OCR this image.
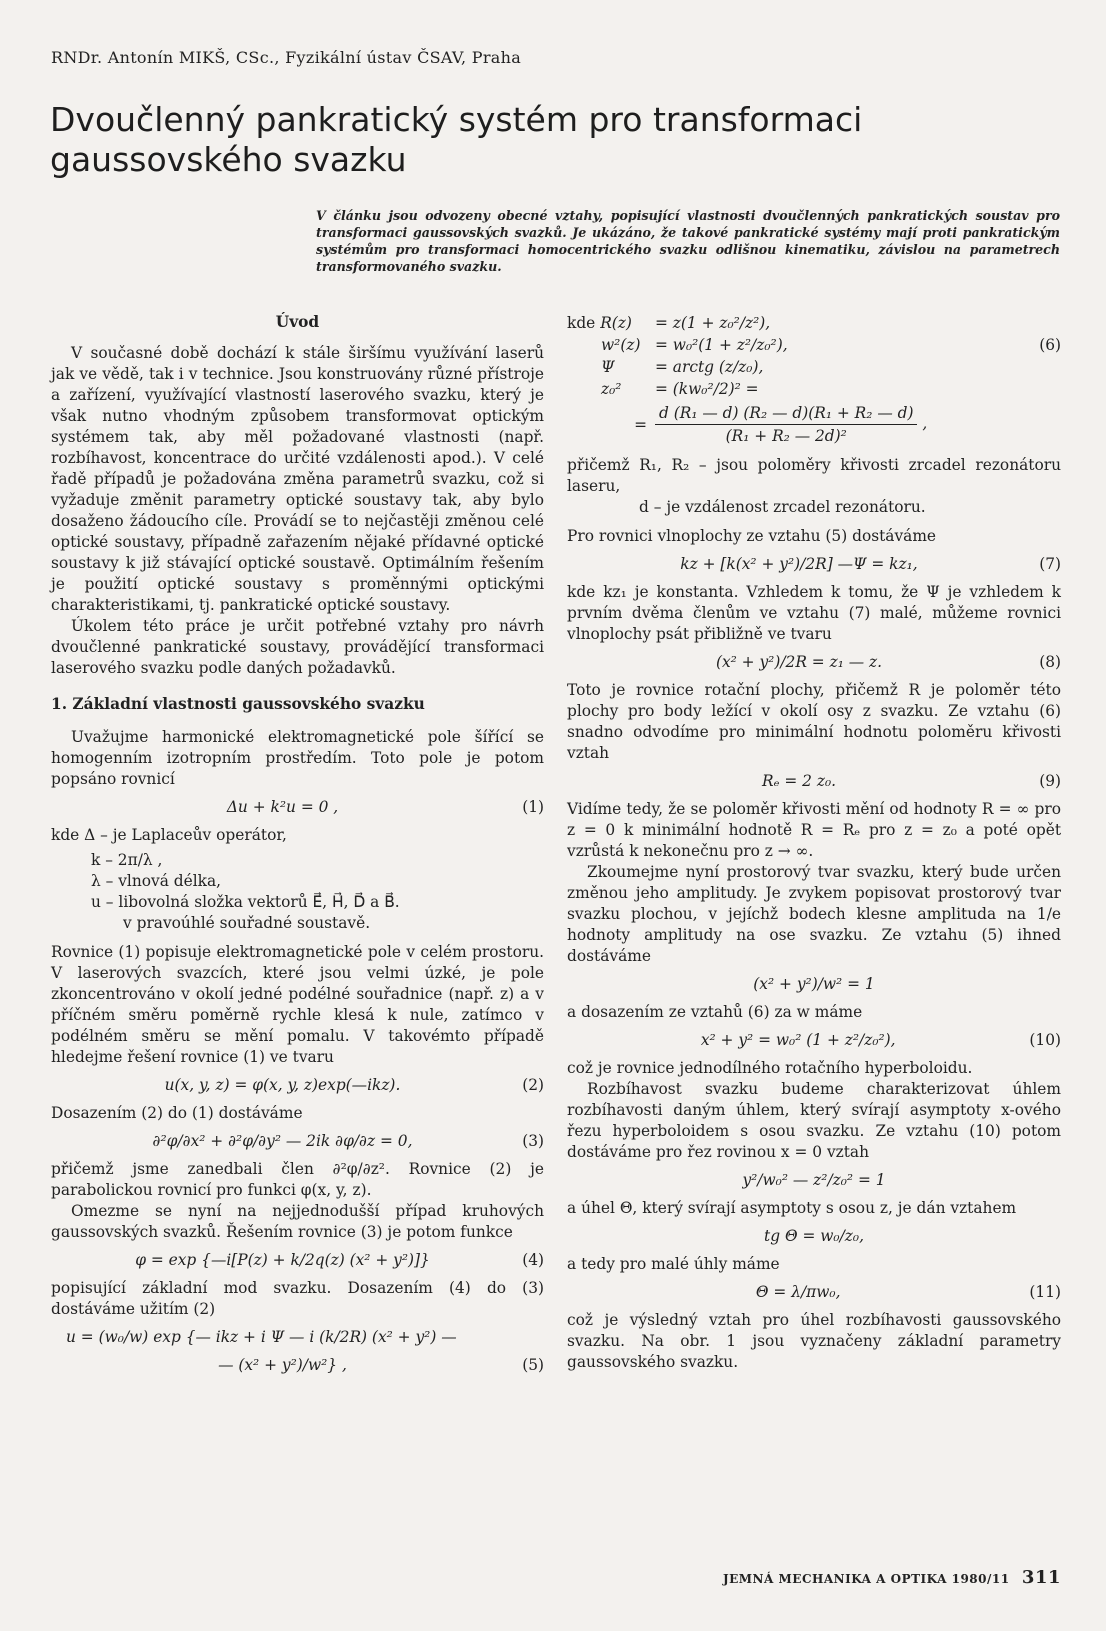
RNDr. Antonín MIKŠ, CSc., Fyzikální ústav ČSAV, Praha
Dvoučlenný pankratický systém pro transformaci gaussovského svazku

V článku jsou odvozeny obecné vztahy, popisující vlastnosti dvoučlenných pankratických soustav pro transformaci gaussovských svazků. Je ukázáno, že takové pankratické systémy mají proti pankratickým systémům pro transformaci homocentrického svazku odlišnou kinematiku, závislou na parametrech transformovaného svazku.

Úvod

V současné době dochází k stále širšímu využívání laserů jak ve vědě, tak i v technice. Jsou konstruovány různé přístroje a zařízení, využívající vlastností laserového svazku, který je však nutno vhodným způsobem transformovat optickým systémem tak, aby měl požadované vlastnosti (např. rozbíhavost, koncentrace do určité vzdálenosti apod.). V celé řadě případů je požadována změna parametrů svazku, což si vyžaduje změnit parametry optické soustavy tak, aby bylo dosaženo žádoucího cíle. Provádí se to nejčastěji změnou celé optické soustavy, případně zařazením nějaké přídavné optické soustavy k již stávající optické soustavě. Optimálním řešením je použití optické soustavy s proměnnými optickými charakteristikami, tj. pankratické optické soustavy.

Úkolem této práce je určit potřebné vztahy pro návrh dvoučlenné pankratické soustavy, provádějící transformaci laserového svazku podle daných požadavků.

1. Základní vlastnosti gaussovského svazku

Uvažujme harmonické elektromagnetické pole šířící se homogenním izotropním prostředím. Toto pole je potom popsáno rovnicí

Δu + k²u = 0 ,	(1)
kde Δ – je Laplaceův operátor,
k – 2π/λ ,
λ – vlnová délka,
u – libovolná složka vektorů E⃗, H⃗, D⃗ a B⃗.
v pravoúhlé souřadné soustavě.

Rovnice (1) popisuje elektromagnetické pole v celém prostoru. V laserových svazcích, které jsou velmi úzké, je pole zkoncentrováno v okolí jedné podélné souřadnice (např. z) a v příčném směru poměrně rychle klesá k nule, zatímco v podélném směru se mění pomalu. V takovémto případě hledejme řešení rovnice (1) ve tvaru

u(x, y, z) = φ(x, y, z)exp(—ikz).	(2)

Dosazením (2) do (1) dostáváme

∂²φ/∂x² + ∂²φ/∂y² — 2ik ∂φ/∂z = 0,	(3)

přičemž jsme zanedbali člen ∂²φ/∂z². Rovnice (2) je parabolickou rovnicí pro funkci φ(x, y, z).

Omezme se nyní na nejjednodušší případ kruhových gaussovských svazků. Řešením rovnice (3) je potom funkce

φ = exp {—i[P(z) + k/2q(z) (x² + y²)]}	(4)

popisující základní mod svazku. Dosazením (4) do (3) dostáváme užitím (2)

u = (w₀/w) exp {— ikz + i Ψ — i (k/2R) (x² + y²) —
— (x² + y²)/w²} ,	(5)
kde R(z)	= z(1 + z₀²/z²),
w²(z) = w₀²(1 + z²/z₀²),	(6)
Ψ	= arctg (z/z₀),
z₀²	= (kw₀²/2)² =
= $\frac{\text{d (R₁ — d) (R₂ — d)(R₁ + R₂ — d)}}{\text{(R₁ + R₂ — 2d)²}}$ ,

přičemž R₁, R₂ – jsou poloměry křivosti zrcadel rezonátoru laseru,

d – je vzdálenost zrcadel rezonátoru.

Pro rovnici vlnoplochy ze vztahu (5) dostáváme

kz + [k(x² + y²)/2R] —Ψ = kz₁,	(7)

kde kz₁ je konstanta. Vzhledem k tomu, že Ψ je vzhledem k prvním dvěma členům ve vztahu (7) malé, můžeme rovnici vlnoplochy psát přibližně ve tvaru

(x² + y²)/2R = z₁ — z.	(8)

Toto je rovnice rotační plochy, přičemž R je poloměr této plochy pro body ležící v okolí osy z svazku. Ze vztahu (6) snadno odvodíme pro minimální hodnotu poloměru křivosti vztah

Rₑ = 2 z₀.	(9)

Vidíme tedy, že se poloměr křivosti mění od hodnoty R = ∞ pro z = 0 k minimální hodnotě R = Rₑ pro z = z₀ a poté opět vzrůstá k nekonečnu pro z → ∞.

Zkoumejme nyní prostorový tvar svazku, který bude určen změnou jeho amplitudy. Je zvykem popisovat prostorový tvar svazku plochou, v jejíchž bodech klesne amplituda na 1/e hodnoty amplitudy na ose svazku. Ze vztahu (5) ihned dostáváme

(x² + y²)/w² = 1

a dosazením ze vztahů (6) za w máme

x² + y² = w₀² (1 + z²/z₀²),	(10)

což je rovnice jednodílného rotačního hyperboloidu.

Rozbíhavost svazku budeme charakterizovat úhlem rozbíhavosti daným úhlem, který svírají asymptoty x-ového řezu hyperboloidem s osou svazku. Ze vztahu (10) potom dostáváme pro řez rovinou x = 0 vztah

y²/w₀² — z²/z₀² = 1

a úhel Θ, který svírají asymptoty s osou z, je dán vztahem

tg Θ = w₀/z₀,

a tedy pro malé úhly máme

Θ = λ/πw₀,	(11)

což je výsledný vztah pro úhel rozbíhavosti gaussovského svazku. Na obr. 1 jsou vyznačeny základní parametry gaussovského svazku.

JEMNÁ MECHANIKA A OPTIKA 1980/11 311
